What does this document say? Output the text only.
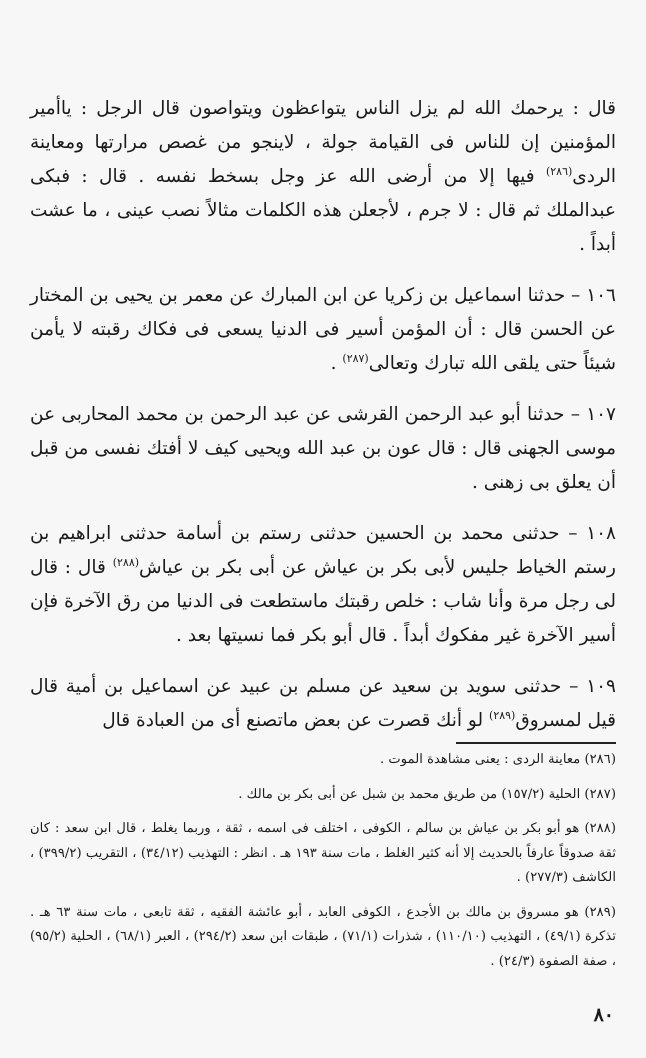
قال : يرحمك الله لم يزل الناس يتواعظون ويتواصون قال الرجل : ياأمير المؤمنين إن للناس فى القيامة جولة ، لاينجو من غصص مرارتها ومعاينة الردى$^{(٢٨٦)}$ فيها إلا من أرضى الله عز وجل بسخط نفسه . قال : فبكى عبدالملك ثم قال : لا جرم ، لأجعلن هذه الكلمات مثالاً نصب عينى ، ما عشت أبداً .

١٠٦ – حدثنا اسماعيل بن زكريا عن ابن المبارك عن معمر بن يحيى بن المختار عن الحسن قال : أن المؤمن أسير فى الدنيا يسعى فى فكاك رقبته لا يأمن شيئاً حتى يلقى الله تبارك وتعالى$^{(٢٨٧)}$ .

١٠٧ – حدثنا أبو عبد الرحمن القرشى عن عبد الرحمن بن محمد المحاربى عن موسى الجهنى قال : قال عون بن عبد الله ويحيى كيف لا أفتك نفسى من قبل أن يعلق بى زهنى .

١٠٨ – حدثنى محمد بن الحسين حدثنى رستم بن أسامة حدثنى ابراهيم بن رستم الخياط جليس لأبى بكر بن عياش عن أبى بكر بن عياش$^{(٢٨٨)}$ قال : قال لى رجل مرة وأنا شاب : خلص رقبتك ماستطعت فى الدنيا من رق الآخرة فإن أسير الآخرة غير مفكوك أبداً . قال أبو بكر فما نسيتها بعد .

١٠٩ – حدثنى سويد بن سعيد عن مسلم بن عبيد عن اسماعيل بن أمية قال قيل لمسروق$^{(٢٨٩)}$ لو أنك قصرت عن بعض ماتصنع أى من العبادة قال

(٢٨٦) معاينة الردى : يعنى مشاهدة الموت .

(٢٨٧) الحلية (١٥٧/٢) من طريق محمد بن شبل عن أبى بكر بن مالك .

(٢٨٨) هو أبو بكر بن عياش بن سالم ، الكوفى ، اختلف فى اسمه ، ثقة ، وربما يغلط ، قال ابن سعد : كان ثقة صدوقاً عارفاً بالحديث إلا أنه كثير الغلط ، مات سنة ١٩٣ هـ . انظر : التهذيب (٣٤/١٢) ، التقريب (٣٩٩/٢) ، الكاشف (٢٧٧/٣) .

(٢٨٩) هو مسروق بن مالك بن الأجدع ، الكوفى العابد ، أبو عائشة الفقيه ، ثقة تابعى ، مات سنة ٦٣ هـ . تذكرة (٤٩/١) ، التهذيب (١١٠/١٠) ، شذرات (٧١/١) ، طبقات ابن سعد (٢٩٤/٢) ، العبر (٦٨/١) ، الحلية (٩٥/٢) ، صفة الصفوة (٢٤/٣) .

٨٠
